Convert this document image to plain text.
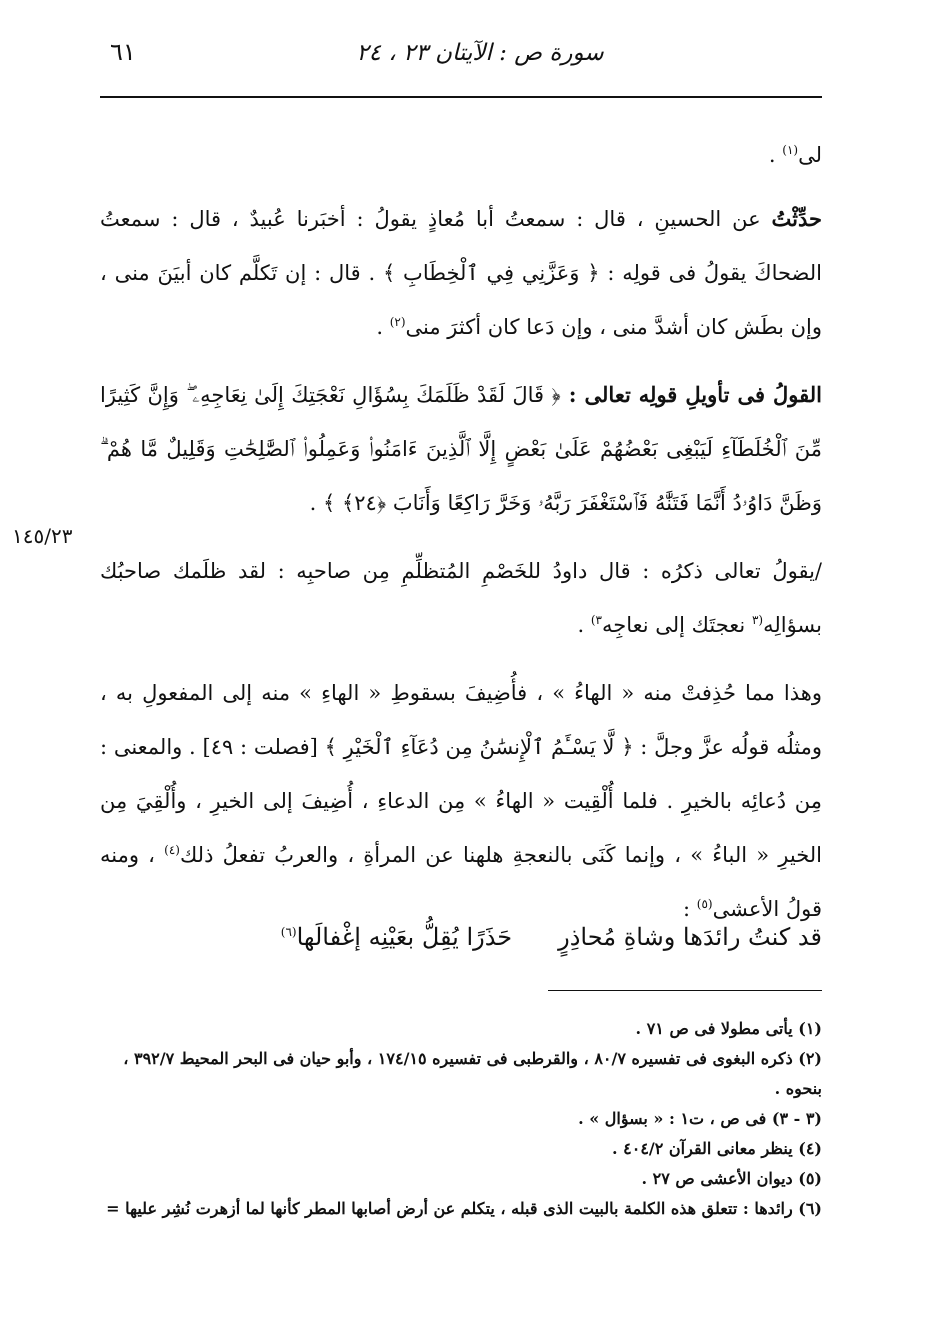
٦١	سورة ص : الآيتان ٢٣ ، ٢٤
١٤٥/٢٣

لى$^{(١)}$ .

حدِّثْتُ عن الحسينِ ، قال : سمعتُ أبا مُعاذٍ يقولُ : أخبَرنا عُبيدٌ ، قال : سمعتُ الضحاكَ يقولُ فى قولِه : ﴿ وَعَزَّنِي فِي ٱلْخِطَابِ ﴾ . قال : إن تَكلَّم كان أبيَنَ منى ، وإن بطَش كان أشدَّ منى ، وإن دَعا كان أكثرَ منى$^{(٢)}$ .

القولُ فى تأويلِ قولِه تعالى : ﴿ قَالَ لَقَدْ ظَلَمَكَ بِسُؤَالِ نَعْجَتِكَ إِلَىٰ نِعَاجِهِۦ ۖ وَإِنَّ كَثِيرًا مِّنَ ٱلْخُلَطَآءِ لَيَبْغِى بَعْضُهُمْ عَلَىٰ بَعْضٍ إِلَّا ٱلَّذِينَ ءَامَنُوا۟ وَعَمِلُوا۟ ٱلصَّٰلِحَٰتِ وَقَلِيلٌ مَّا هُمْ ۗ وَظَنَّ دَاوُۥدُ أَنَّمَا فَتَنَّٰهُ فَٱسْتَغْفَرَ رَبَّهُۥ وَخَرَّ رَاكِعًا وَأَنَابَ ﴿٢٤﴾ ﴾ .

/يقولُ تعالى ذكرُه : قال داودُ للخَصْمِ المُتظلِّمِ مِن صاحبِه : لقد ظلَمك صاحبُك بسؤالِه$^{(٣}$ نعجتَك إلى نعاجِه$^{٣)}$ .

وهذا مما حُذِفتْ منه « الهاءُ » ، فأُضِيفَ بسقوطِ « الهاءِ » منه إلى المفعولِ به ، ومثلُه قولُه عزَّ وجلَّ : ﴿ لَّا يَسْـَٔمُ ٱلْإِنسَٰنُ مِن دُعَآءِ ٱلْخَيْرِ ﴾ [فصلت : ٤٩] . والمعنى : مِن دُعائِه بالخيرِ . فلما أُلْقِيت « الهاءُ » مِن الدعاءِ ، أُضِيفَ إلى الخيرِ ، وأُلْقِيَ مِن الخيرِ « الباءُ » ، وإنما كَنَى بالنعجةِ هلهنا عن المرأةِ ، والعربُ تفعلُ ذلك$^{(٤)}$ ، ومنه قولُ الأعشى$^{(٥)}$ :

قد كنتُ رائدَها وشاةِ مُحاذِرٍحَذَرًا يُقِلُّ بعَيْنِه إغْفالَها$^{(٦)}$

(١) يأتى مطولا فى ص ٧١ .

(٢) ذكره البغوى فى تفسيره ٨٠/٧ ، والقرطبى فى تفسيره ١٧٤/١٥ ، وأبو حيان فى البحر المحيط ٣٩٢/٧ ،

بنحوه .

(٣ - ٣) فى ص ، ت١ : « بسؤال » .

(٤) ينظر معانى القرآن ٤٠٤/٢ .

(٥) ديوان الأعشى ص ٢٧ .

(٦) رائدها : تتعلق هذه الكلمة بالبيت الذى قبله ، يتكلم عن أرض أصابها المطر كأنها لما أزهرت نُشِر عليها =
